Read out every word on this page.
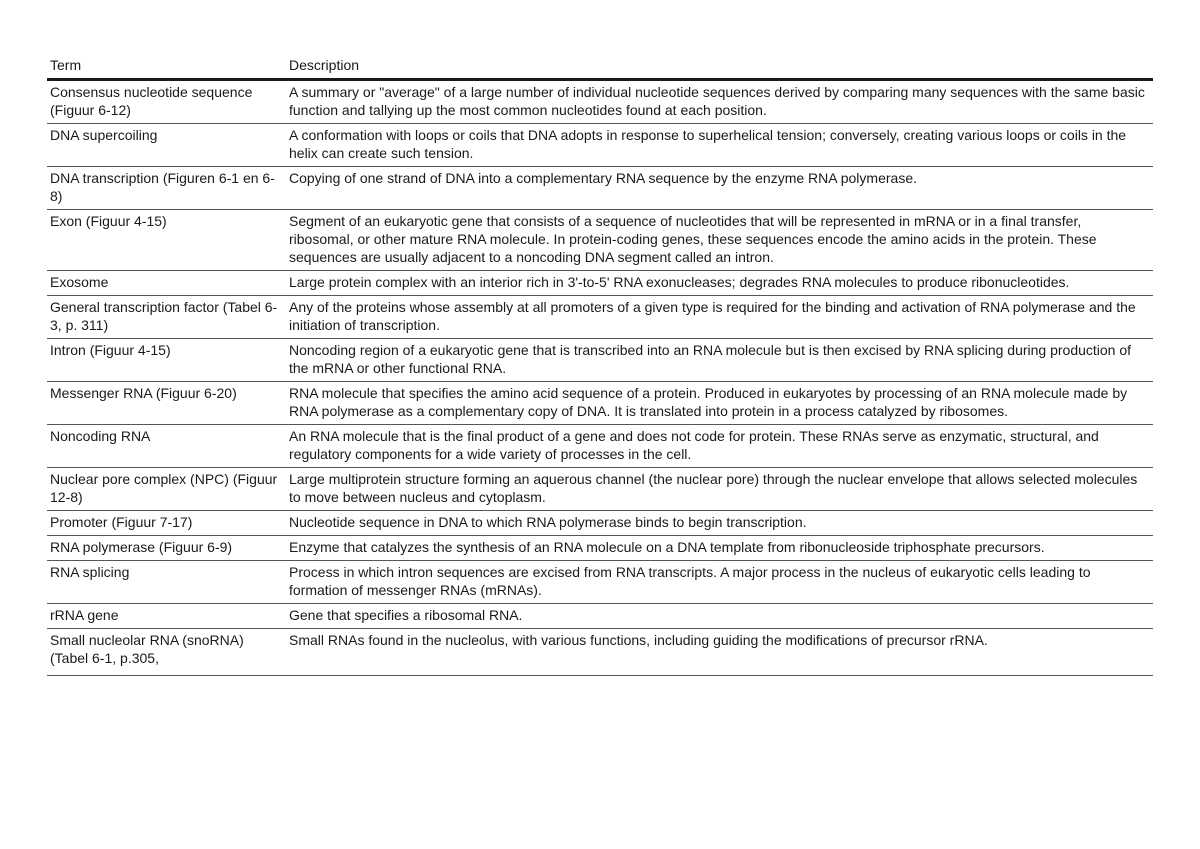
Term	Description
Consensus nucleotide sequence (Figuur 6-12)	A summary or "average" of a large number of individual nucleotide sequences derived by comparing many sequences with the same basic function and tallying up the most common nucleotides found at each position.
DNA supercoiling	A conformation with loops or coils that DNA adopts in response to superhelical tension; conversely, creating various loops or coils in the helix can create such tension.
DNA transcription (Figuren 6-1 en 6-8)	Copying of one strand of DNA into a complementary RNA sequence by the enzyme RNA polymerase.
Exon (Figuur 4-15)	Segment of an eukaryotic gene that consists of a sequence of nucleotides that will be represented in mRNA or in a final transfer, ribosomal, or other mature RNA molecule. In protein-coding genes, these sequences encode the amino acids in the protein. These sequences are usually adjacent to a noncoding DNA segment called an intron.
Exosome	Large protein complex with an interior rich in 3'-to-5' RNA exonucleases; degrades RNA molecules to produce ribonucleotides.
General transcription factor (Tabel 6-3, p. 311)	Any of the proteins whose assembly at all promoters of a given type is required for the binding and activation of RNA polymerase and the initiation of transcription.
Intron (Figuur 4-15)	Noncoding region of a eukaryotic gene that is transcribed into an RNA molecule but is then excised by RNA splicing during production of the mRNA or other functional RNA.
Messenger RNA (Figuur 6-20)	RNA molecule that specifies the amino acid sequence of a protein. Produced in eukaryotes by processing of an RNA molecule made by RNA polymerase as a complementary copy of DNA. It is translated into protein in a process catalyzed by ribosomes.
Noncoding RNA	An RNA molecule that is the final product of a gene and does not code for protein. These RNAs serve as enzymatic, structural, and regulatory components for a wide variety of processes in the cell.
Nuclear pore complex (NPC) (Figuur 12-8)	Large multiprotein structure forming an aquerous channel (the nuclear pore) through the nuclear envelope that allows selected molecules to move between nucleus and cytoplasm.
Promoter (Figuur 7-17)	Nucleotide sequence in DNA to which RNA polymerase binds to begin transcription.
RNA polymerase (Figuur 6-9)	Enzyme that catalyzes the synthesis of an RNA molecule on a DNA template from ribonucleoside triphosphate precursors.
RNA splicing	Process in which intron sequences are excised from RNA transcripts. A major process in the nucleus of eukaryotic cells leading to formation of messenger RNAs (mRNAs).
rRNA gene	Gene that specifies a ribosomal RNA.

Small nucleolar RNA (snoRNA) (Tabel 6-1, p.305,	Small RNAs found in the nucleolus, with various functions, including guiding the modifications of precursor rRNA.
